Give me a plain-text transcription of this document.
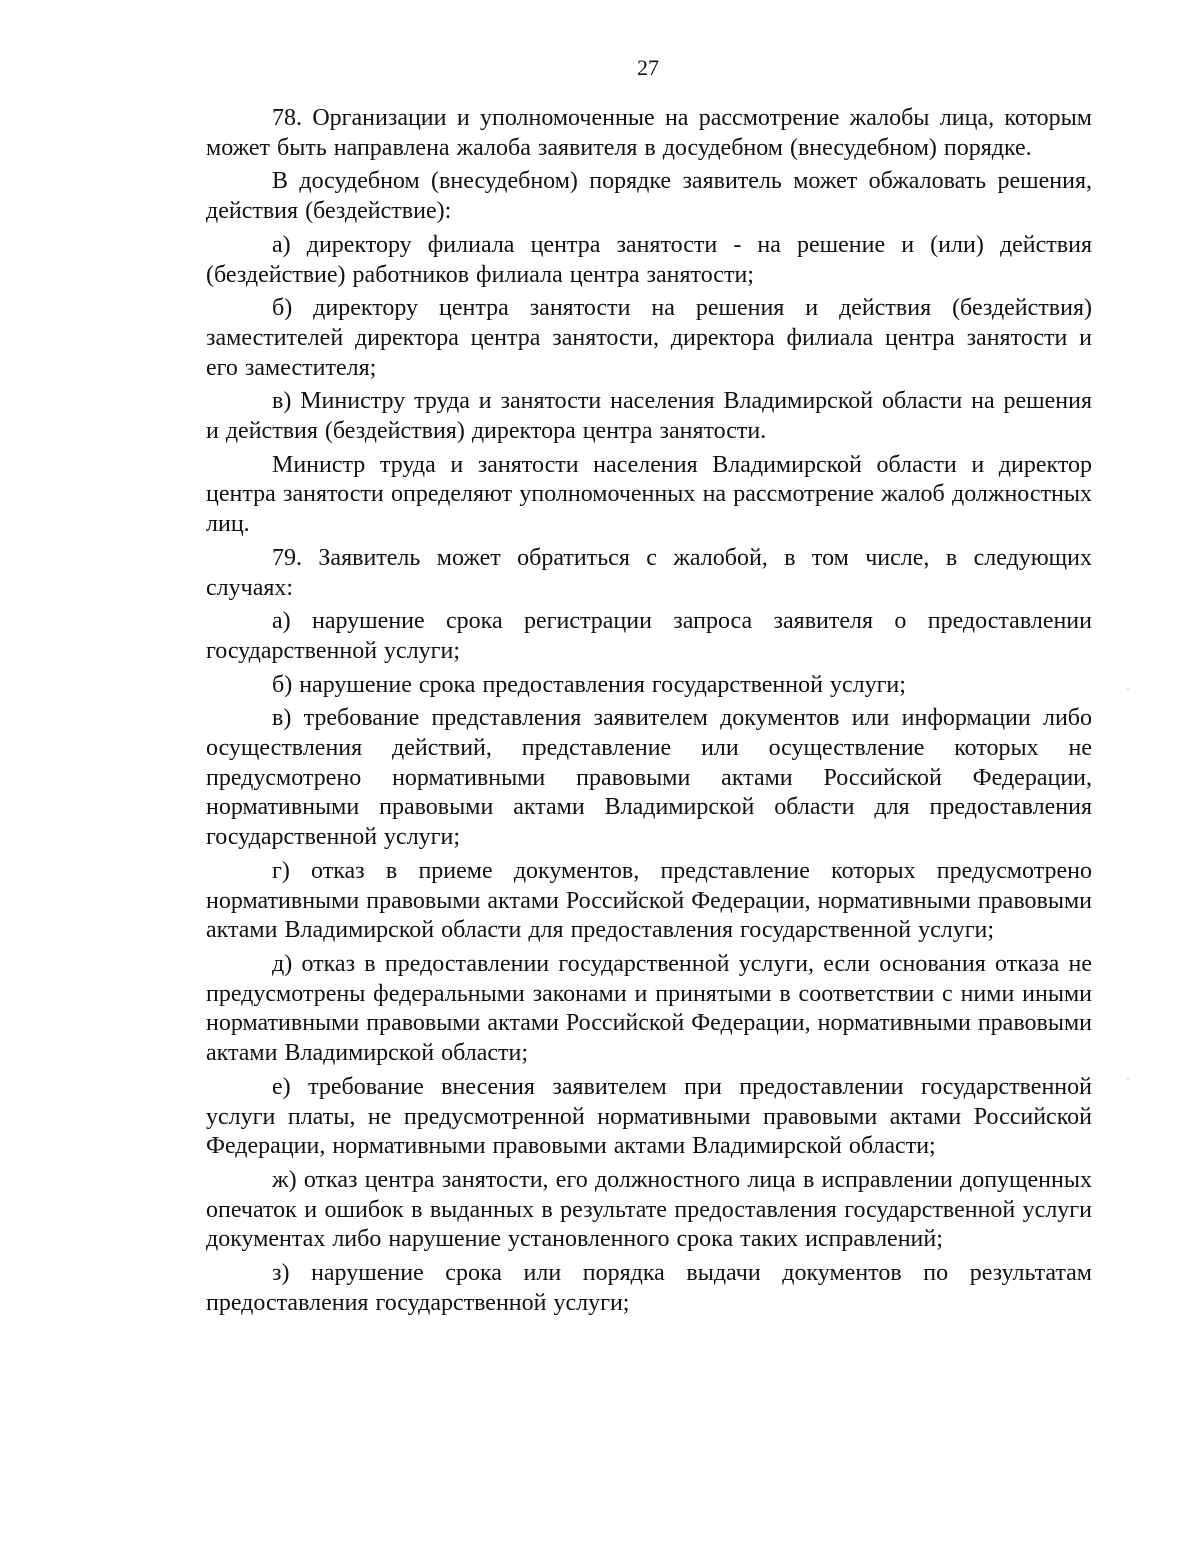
27

78. Организации и уполномоченные на рассмотрение жалобы лица, которым может быть направлена жалоба заявителя в досудебном (внесудебном) порядке.

В досудебном (внесудебном) порядке заявитель может обжаловать решения, действия (бездействие):

а) директору филиала центра занятости - на решение и (или) действия (бездействие) работников филиала центра занятости;

б) директору центра занятости на решения и действия (бездействия) заместителей директора центра занятости, директора филиала центра занятости и его заместителя;

в) Министру труда и занятости населения Владимирской области на решения и действия (бездействия) директора центра занятости.

Министр труда и занятости населения Владимирской области и директор центра занятости определяют уполномоченных на рассмотрение жалоб должностных лиц.

79. Заявитель может обратиться с жалобой, в том числе, в следующих случаях:

а) нарушение срока регистрации запроса заявителя о предоставлении государственной услуги;

б) нарушение срока предоставления государственной услуги;

в) требование представления заявителем документов или информации либо осуществления действий, представление или осуществление которых не предусмотрено нормативными правовыми актами Российской Федерации, нормативными правовыми актами Владимирской области для предоставления государственной услуги;

г) отказ в приеме документов, представление которых предусмотрено нормативными правовыми актами Российской Федерации, нормативными правовыми актами Владимирской области для предоставления государственной услуги;

д) отказ в предоставлении государственной услуги, если основания отказа не предусмотрены федеральными законами и принятыми в соответствии с ними иными нормативными правовыми актами Российской Федерации, нормативными правовыми актами Владимирской области;

е) требование внесения заявителем при предоставлении государственной услуги платы, не предусмотренной нормативными правовыми актами Российской Федерации, нормативными правовыми актами Владимирской области;

ж) отказ центра занятости, его должностного лица в исправлении допущенных опечаток и ошибок в выданных в результате предоставления государственной услуги документах либо нарушение установленного срока таких исправлений;

з) нарушение срока или порядка выдачи документов по результатам предоставления государственной услуги;
